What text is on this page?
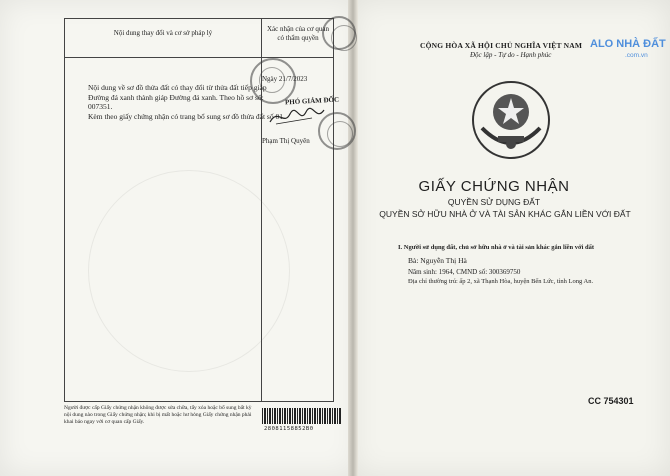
Nội dung thay đổi và cơ sở pháp lý	Xác nhận của cơ quan có thẩm quyền
Nội dung về sơ đồ thửa đất có thay đổi từ thửa đất tiếp giáp Đường đá xanh thành giáp Đường đá xanh. Theo hồ sơ số: 007351.
Kèm theo giấy chứng nhận có trang bổ sung sơ đồ thửa đất số 01.
Ngày 21/7/2023
PHÓ GIÁM ĐỐC
Phạm Thị Quyên
Người được cấp Giấy chứng nhận không được sửa chữa, tẩy xóa hoặc bổ sung bất kỳ nội dung nào trong Giấy chứng nhận; khi bị mất hoặc hư hỏng Giấy chứng nhận phải khai báo ngay với cơ quan cấp Giấy.
28081158852B0
CỘNG HÒA XÃ HỘI CHỦ NGHĨA VIỆT NAM
Độc lập - Tự do - Hạnh phúc
ALO NHÀ ĐẤT
.com.vn
GIẤY CHỨNG NHẬN
QUYỀN SỬ DỤNG ĐẤT
QUYỀN SỞ HỮU NHÀ Ở VÀ TÀI SẢN KHÁC GẮN LIỀN VỚI ĐẤT
I. Người sử dụng đất, chủ sở hữu nhà ở và tài sản khác gắn liền với đất
Bà: Nguyễn Thị Hà
Năm sinh: 1964, CMND số: 300369750
Địa chỉ thường trú: ấp 2, xã Thạnh Hòa, huyện Bến Lức, tỉnh Long An.
CC 754301
